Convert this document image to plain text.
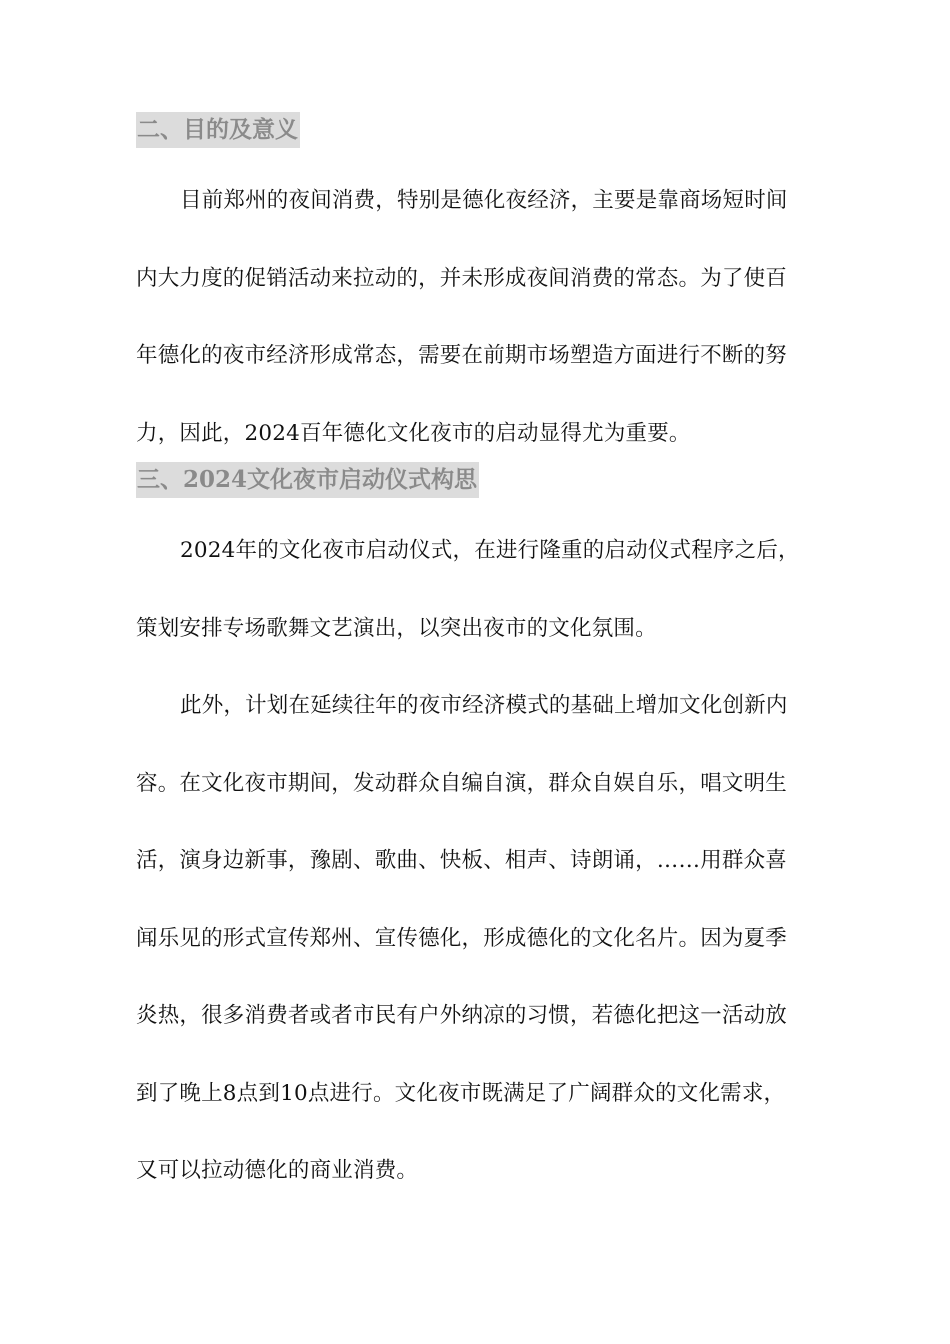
二、目的及意义
目前郑州的夜间消费，特别是德化夜经济，主要是靠商场短时间
内大力度的促销活动来拉动的，并未形成夜间消费的常态。为了使百
年德化的夜市经济形成常态，需要在前期市场塑造方面进行不断的努
力，因此，2024百年德化文化夜市的启动显得尤为重要。
三、2024文化夜市启动仪式构思
2024年的文化夜市启动仪式，在进行隆重的启动仪式程序之后，
策划安排专场歌舞文艺演出，以突出夜市的文化氛围。
此外，计划在延续往年的夜市经济模式的基础上增加文化创新内
容。在文化夜市期间，发动群众自编自演，群众自娱自乐，唱文明生
活，演身边新事，豫剧、歌曲、快板、相声、诗朗诵，……用群众喜
闻乐见的形式宣传郑州、宣传德化，形成德化的文化名片。因为夏季
炎热，很多消费者或者市民有户外纳凉的习惯，若德化把这一活动放
到了晚上8点到10点进行。文化夜市既满足了广阔群众的文化需求，
又可以拉动德化的商业消费。
